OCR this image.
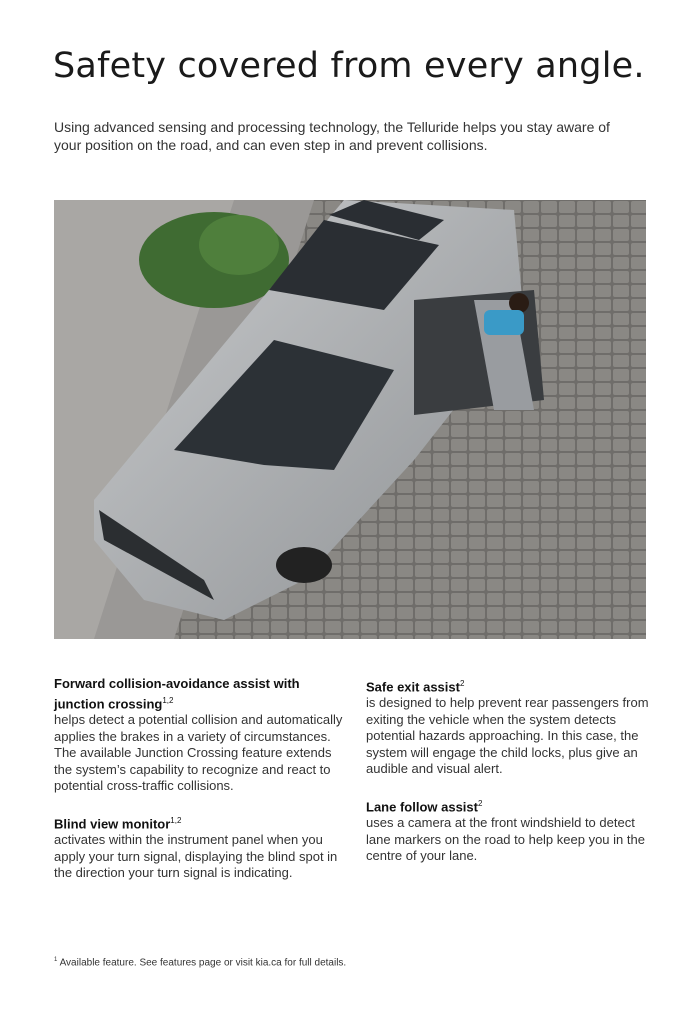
Safety covered from every angle.

Using advanced sensing and processing technology, the Telluride helps you stay aware of your position on the road, and can even step in and prevent collisions.

Forward collision-avoidance assist with junction crossing$^{1,2}$

helps detect a potential collision and automatically applies the brakes in a variety of circumstances. The available Junction Crossing feature extends the system’s capability to recognize and react to potential cross-traffic collisions.

Blind view monitor$^{1,2}$

activates within the instrument panel when you apply your turn signal, displaying the blind spot in the direction your turn signal is indicating.

Safe exit assist$^2$

is designed to help prevent rear passengers from exiting the vehicle when the system detects potential hazards approaching. In this case, the system will engage the child locks, plus give an audible and visual alert.

Lane follow assist$^2$

uses a camera at the front windshield to detect lane markers on the road to help keep you in the centre of your lane.

$^1$ Available feature. See features page or visit kia.ca for full details.
